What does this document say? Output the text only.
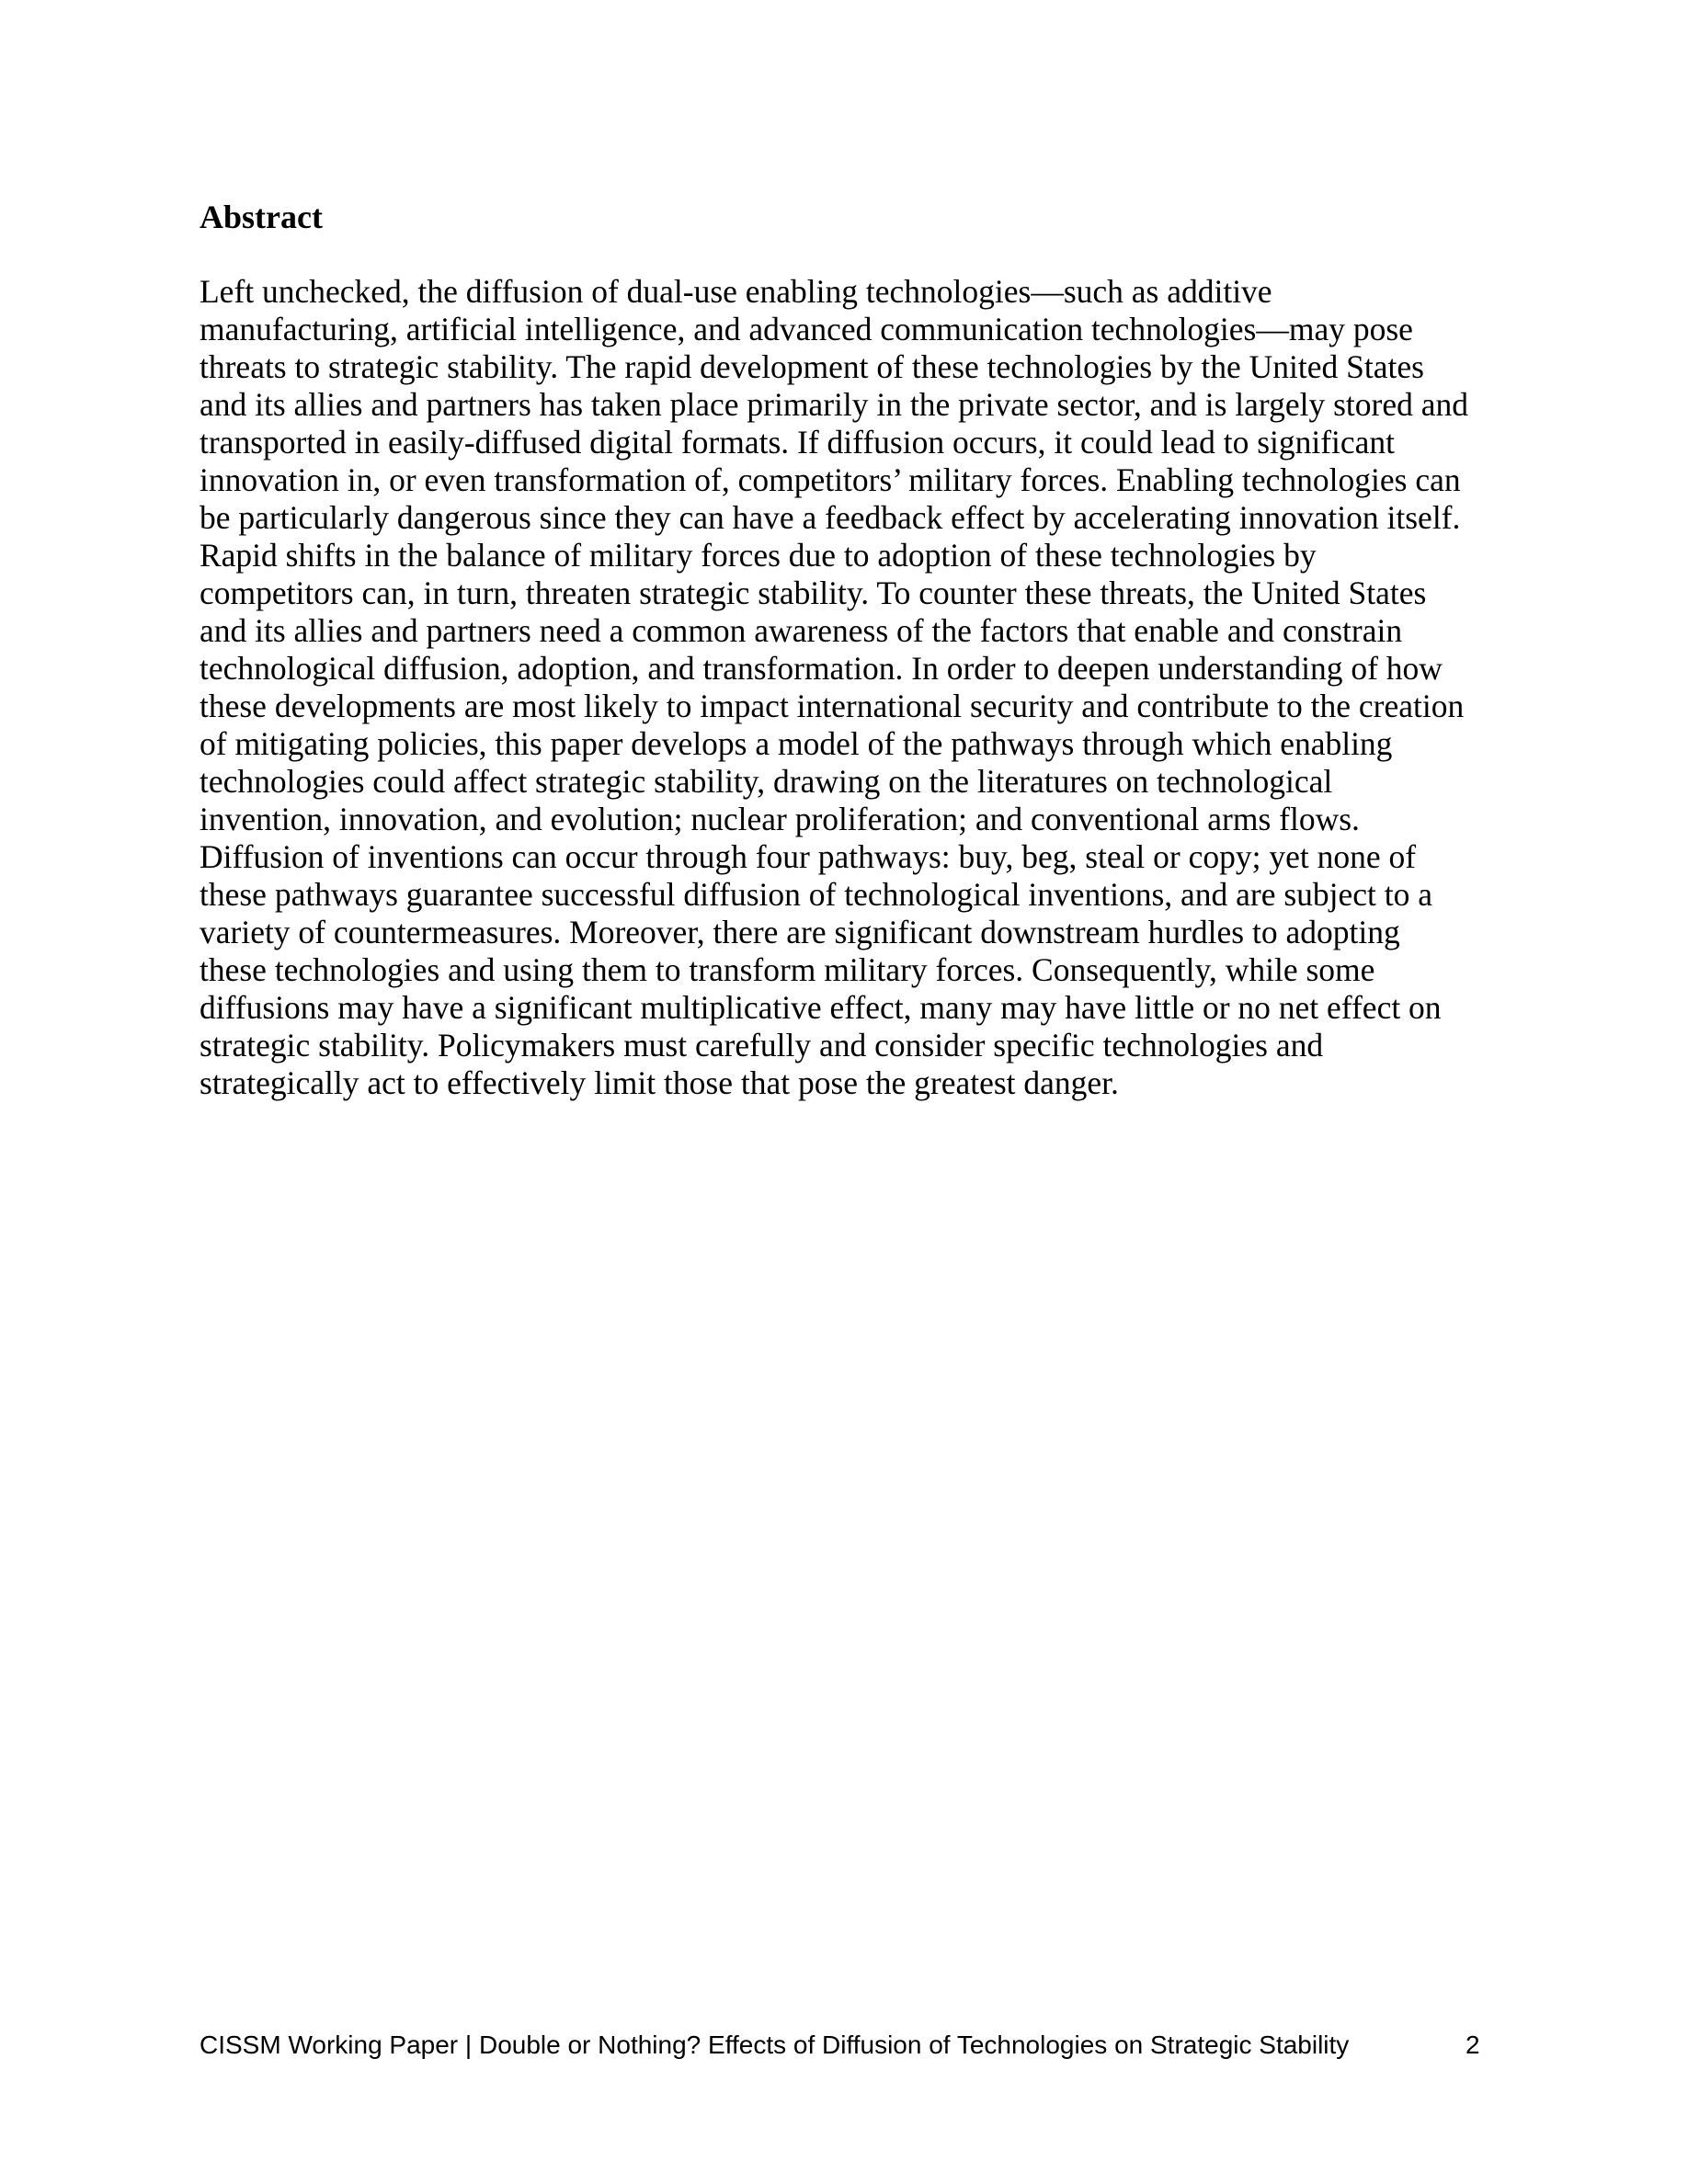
Abstract
Left unchecked, the diffusion of dual-use enabling technologies—such as additive
manufacturing, artificial intelligence, and advanced communication technologies—may pose
threats to strategic stability. The rapid development of these technologies by the United States
and its allies and partners has taken place primarily in the private sector, and is largely stored and
transported in easily-diffused digital formats. If diffusion occurs, it could lead to significant
innovation in, or even transformation of, competitors’ military forces. Enabling technologies can
be particularly dangerous since they can have a feedback effect by accelerating innovation itself.
Rapid shifts in the balance of military forces due to adoption of these technologies by
competitors can, in turn, threaten strategic stability. To counter these threats, the United States
and its allies and partners need a common awareness of the factors that enable and constrain
technological diffusion, adoption, and transformation. In order to deepen understanding of how
these developments are most likely to impact international security and contribute to the creation
of mitigating policies, this paper develops a model of the pathways through which enabling
technologies could affect strategic stability, drawing on the literatures on technological
invention, innovation, and evolution; nuclear proliferation; and conventional arms flows.
Diffusion of inventions can occur through four pathways: buy, beg, steal or copy; yet none of
these pathways guarantee successful diffusion of technological inventions, and are subject to a
variety of countermeasures. Moreover, there are significant downstream hurdles to adopting
these technologies and using them to transform military forces. Consequently, while some
diffusions may have a significant multiplicative effect, many may have little or no net effect on
strategic stability. Policymakers must carefully and consider specific technologies and
strategically act to effectively limit those that pose the greatest danger.

CISSM Working Paper | Double or Nothing? Effects of Diffusion of Technologies on Strategic Stability	2
